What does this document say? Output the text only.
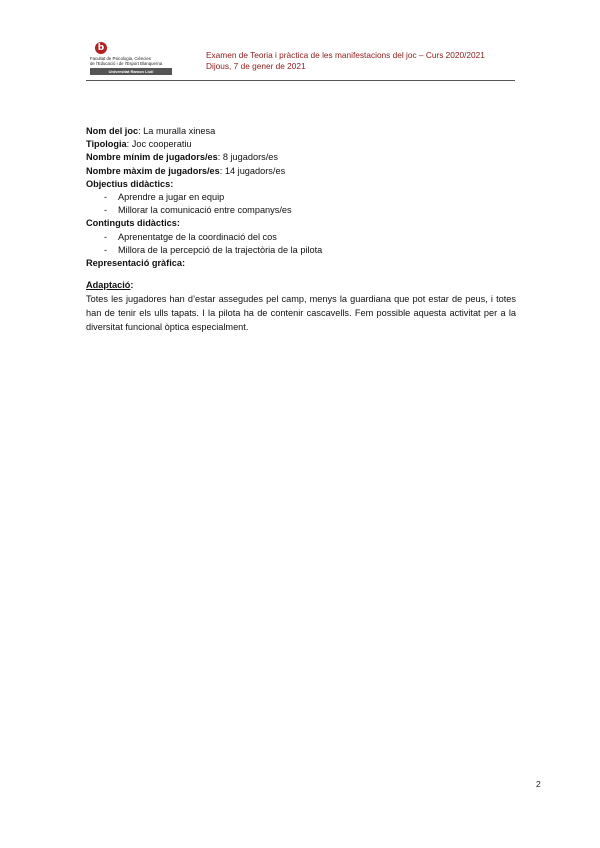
b
Facultat de Psicologia, Ciències
de l'Educació i de l'Esport Blanquerna
Universitat Ramon Llull
Examen de Teoria i pràctica de les manifestacions del joc – Curs 2020/2021
Dijous, 7 de gener de 2021
Nom del joc: La muralla xinesa
Tipologia: Joc cooperatiu
Nombre mínim de jugadors/es: 8 jugadors/es
Nombre màxim de jugadors/es: 14 jugadors/es
Objectius didàctics:
- Aprendre a jugar en equip
- Millorar la comunicació entre companys/es
Continguts didàctics:
- Aprenentatge de la coordinació del cos
- Millora de la percepció de la trajectòria de la pilota
Representació gràfica:
Adaptació:
Totes les jugadores han d’estar assegudes pel camp, menys la guardiana que pot estar de peus, i totes han de tenir els ulls tapats. I la pilota ha de contenir cascavells. Fem possible aquesta activitat per a la diversitat funcional òptica especialment.
2
